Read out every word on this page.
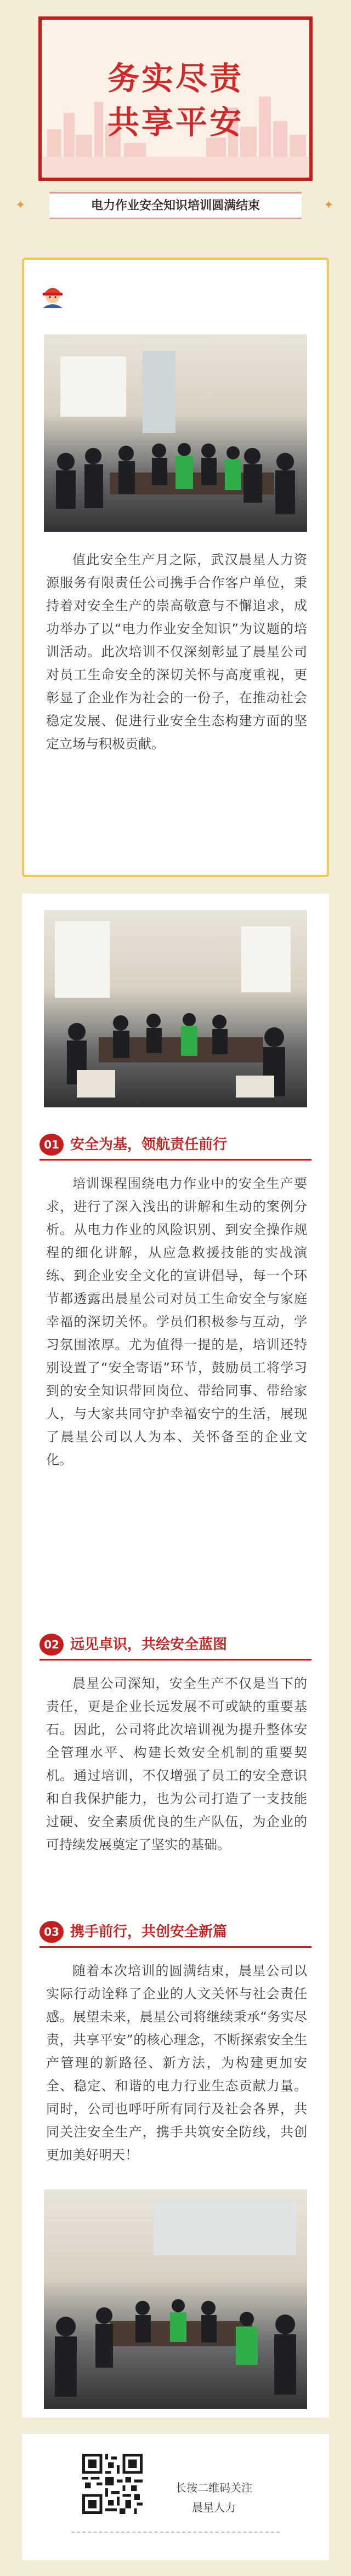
务实尽责
共享平安
✦	✦
电力作业安全知识培训圆满结束

值此安全生产月之际，武汉晨星人力资源服务有限责任公司携手合作客户单位，秉持着对安全生产的崇高敬意与不懈追求，成功举办了以“电力作业安全知识”为议题的培训活动。此次培训不仅深刻彰显了晨星公司对员工生命安全的深切关怀与高度重视，更彰显了企业作为社会的一份子，在推动社会稳定发展、促进行业安全生态构建方面的坚定立场与积极贡献。

01 安全为基，领航责任前行

培训课程围绕电力作业中的安全生产要求，进行了深入浅出的讲解和生动的案例分析。从电力作业的风险识别、到安全操作规程的细化讲解，从应急救援技能的实战演练、到企业安全文化的宣讲倡导，每一个环节都透露出晨星公司对员工生命安全与家庭幸福的深切关怀。学员们积极参与互动，学习氛围浓厚。尤为值得一提的是，培训还特别设置了“安全寄语”环节，鼓励员工将学习到的安全知识带回岗位、带给同事、带给家人，与大家共同守护幸福安宁的生活，展现了晨星公司以人为本、关怀备至的企业文化。

02 远见卓识，共绘安全蓝图

晨星公司深知，安全生产不仅是当下的责任，更是企业长远发展不可或缺的重要基石。因此，公司将此次培训视为提升整体安全管理水平、构建长效安全机制的重要契机。通过培训，不仅增强了员工的安全意识和自我保护能力，也为公司打造了一支技能过硬、安全素质优良的生产队伍，为企业的可持续发展奠定了坚实的基础。

03 携手前行，共创安全新篇

随着本次培训的圆满结束，晨星公司以实际行动诠释了企业的人文关怀与社会责任感。展望未来，晨星公司将继续秉承“务实尽责，共享平安”的核心理念，不断探索安全生产管理的新路径、新方法，为构建更加安全、稳定、和谐的电力行业生态贡献力量。同时，公司也呼吁所有同行及社会各界，共同关注安全生产，携手共筑安全防线，共创更加美好明天！

长按二维码关注
晨星人力
